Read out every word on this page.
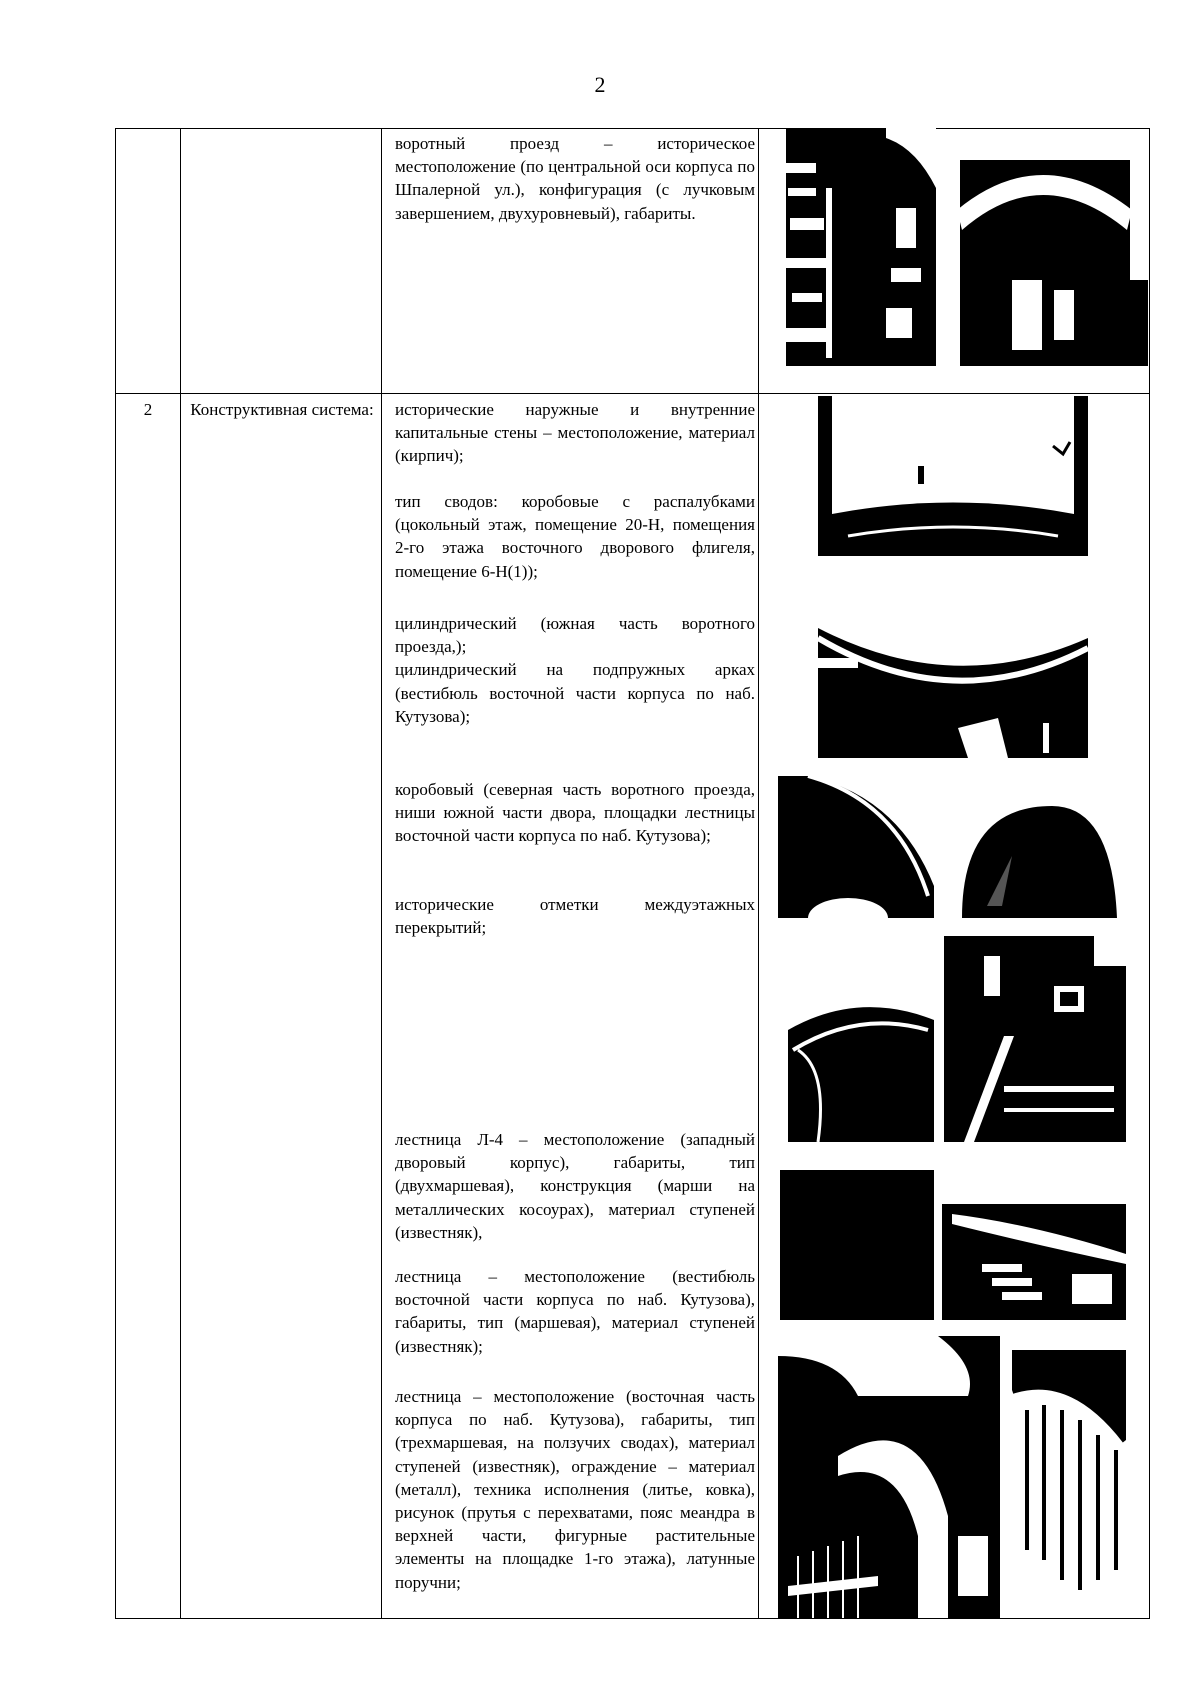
2

воротный проезд – историческое местоположение (по центральной оси корпуса по Шпалерной ул.), конфигурация (с лучковым завершением, двухуровневый), габариты.

2	Конструктивная система:	исторические наружные и внутренние капитальные стены – местоположение, материал (кирпич);

тип сводов: коробовые с распалубками (цокольный этаж, помещение 20-Н, помещения 2-го этажа восточного дворового флигеля, помещение 6-Н(1));

цилиндрический (южная часть воротного проезда,);

цилиндрический на подпружных арках (вестибюль восточной части корпуса по наб. Кутузова);

коробовый (северная часть воротного проезда, ниши южной части двора, площадки лестницы восточной части корпуса по наб. Кутузова);

исторические отметки междуэтажных перекрытий;

лестница Л-4 – местоположение (западный дворовый корпус), габариты, тип (двухмаршевая), конструкция (марши на металлических косоурах), материал ступеней (известняк),

лестница – местоположение (вестибюль восточной части корпуса по наб. Кутузова), габариты, тип (маршевая), материал ступеней (известняк);

лестница – местоположение (восточная часть корпуса по наб. Кутузова), габариты, тип (трехмаршевая, на ползучих сводах), материал ступеней (известняк), ограждение – материал (металл), техника исполнения (литье, ковка), рисунок (прутья с перехватами, пояс меандра в верхней части, фигурные растительные элементы на площадке 1-го этажа), латунные поручни;
